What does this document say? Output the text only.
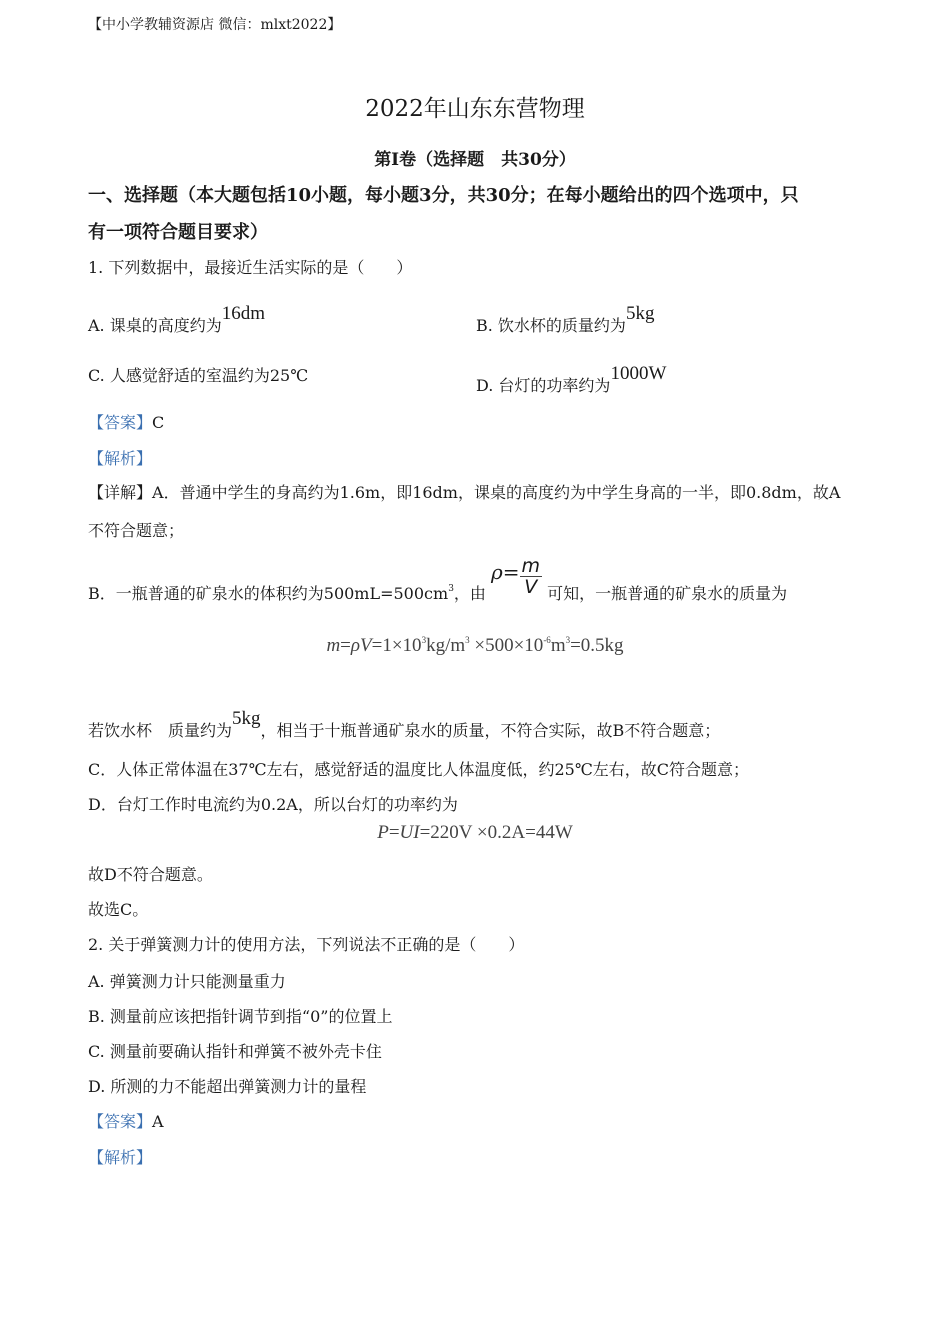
【中小学教辅资源店 微信：mlxt2022】
2022年山东东营物理
第Ⅰ卷（选择题　共30分）
一、选择题（本大题包括10小题，每小题3分，共30分；在每小题给出的四个选项中，只
有一项符合题目要求）
1. 下列数据中，最接近生活实际的是（　　）
A. 课桌的高度约为16dm
B. 饮水杯的质量约为5kg
C. 人感觉舒适的室温约为25℃
D. 台灯的功率约为1000W
【答案】C
【解析】
【详解】A．普通中学生的身高约为1.6m，即16dm，课桌的高度约为中学生身高的一半，即0.8dm，故A
不符合题意；
B．一瓶普通的矿泉水的体积约为$500mL=500cm^3$，由 $\rho= \frac{m}{V}$ 可知，一瓶普通的矿泉水的质量为
$m=\rho V=1\times 10^3kg/m^3 \times 500\times 10^{-6}m^3=0.5kg$
若饮水杯　质量约为5kg，相当于十瓶普通矿泉水的质量，不符合实际，故B不符合题意；
C．人体正常体温在37℃左右，感觉舒适的温度比人体温度低，约25℃左右，故C符合题意；
D．台灯工作时电流约为0.2A，所以台灯的功率约为
P=UI=220V ×0.2A=44W
故D不符合题意。
故选C。
2. 关于弹簧测力计的使用方法，下列说法不正确的是（　　）
A. 弹簧测力计只能测量重力
B. 测量前应该把指针调节到指“0”的位置上
C. 测量前要确认指针和弹簧不被外壳卡住
D. 所测的力不能超出弹簧测力计的量程
【答案】A
【解析】
